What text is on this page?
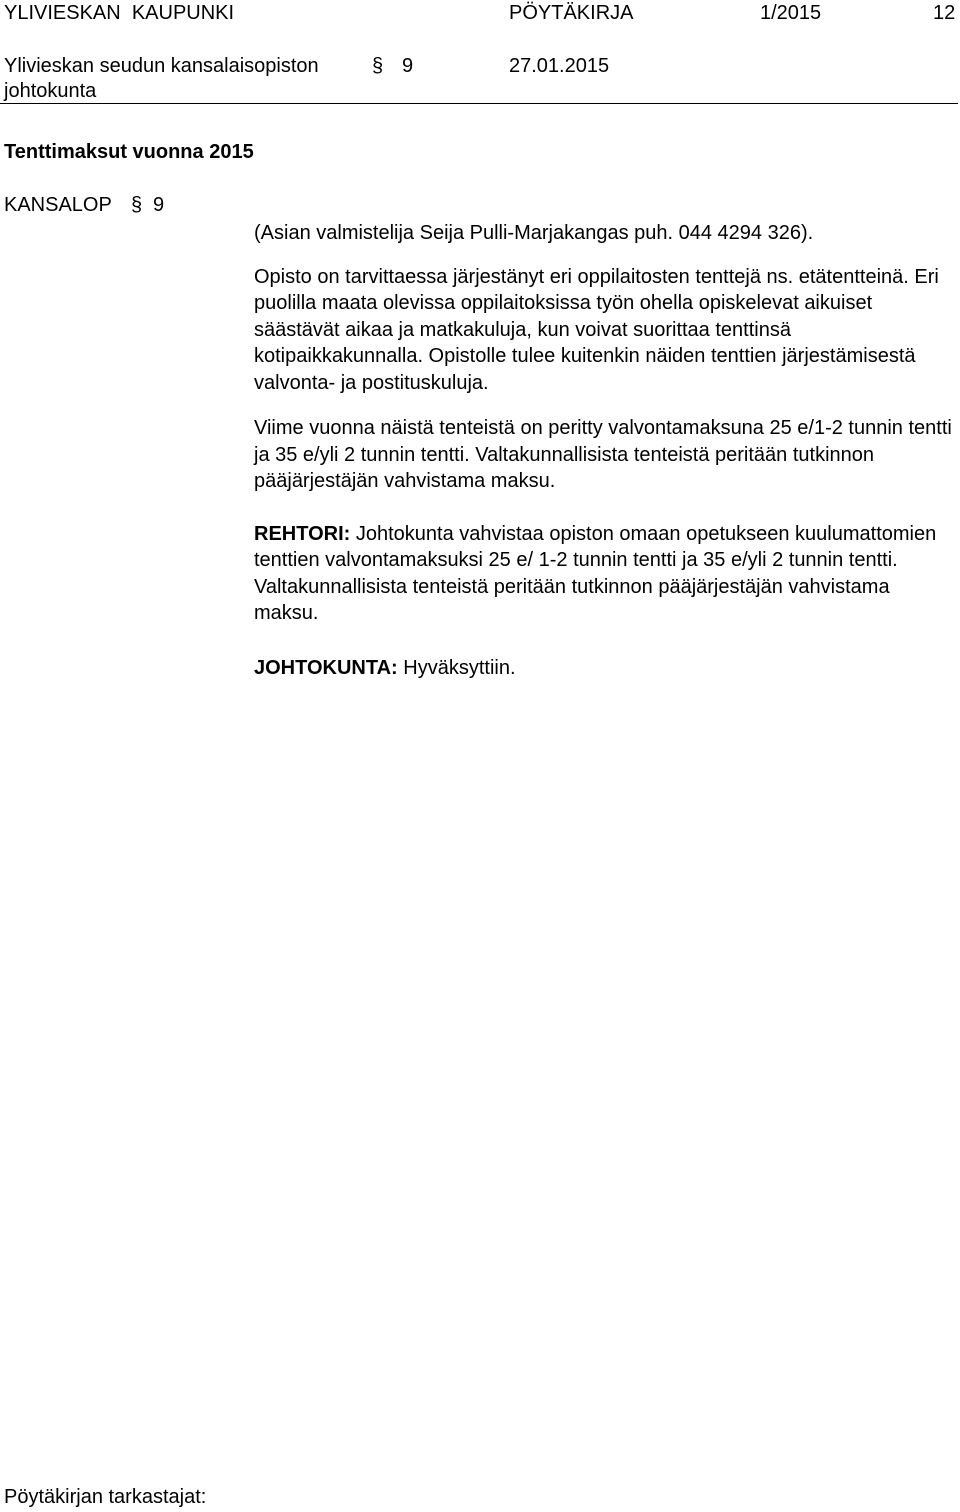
YLIVIESKAN  KAUPUNKI	PÖYTÄKIRJA	1/2015	12
Ylivieskan seudun kansalaisopiston
johtokunta
§ 9	27.01.2015
Tenttimaksut vuonna 2015
KANSALOP § 9

(Asian valmistelija Seija Pulli-Marjakangas puh. 044 4294 326).

Opisto on tarvittaessa järjestänyt eri oppilaitosten tenttejä ns. etätentteinä. Eri puolilla maata olevissa oppilaitoksissa työn ohella opiskelevat aikuiset säästävät aikaa ja matkakuluja, kun voivat suorittaa tenttinsä kotipaikkakunnalla. Opistolle tulee kuitenkin näiden tenttien järjestämisestä valvonta- ja postituskuluja.

Viime vuonna näistä tenteistä on peritty valvontamaksuna 25 e/1-2 tunnin tentti ja 35 e/yli 2 tunnin tentti. Valtakunnallisista tenteistä peritään tutkinnon pääjärjestäjän vahvistama maksu.

REHTORI: Johtokunta vahvistaa opiston omaan opetukseen kuulumattomien tenttien valvontamaksuksi 25 e/ 1-2 tunnin tentti ja 35 e/yli 2 tunnin tentti. Valtakunnallisista tenteistä peritään tutkinnon pääjärjestäjän vahvistama maksu.

JOHTOKUNTA: Hyväksyttiin.

Pöytäkirjan tarkastajat:
